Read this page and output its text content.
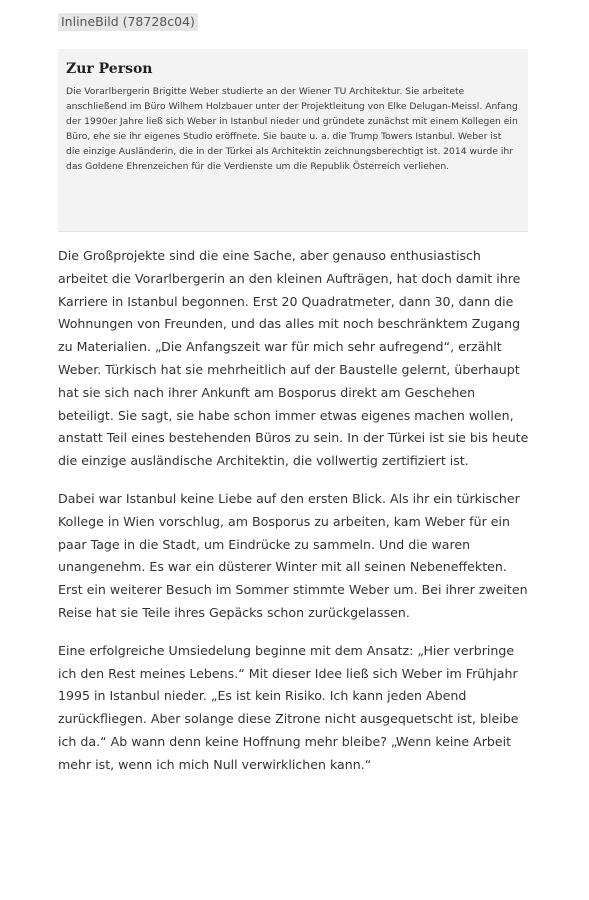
InlineBild (78728c04)
Zur Person

Die Vorarlbergerin Brigitte Weber studierte an der Wiener TU Architektur. Sie arbeitete anschließend im Büro Wilhem Holzbauer unter der Projektleitung von Elke Delugan-Meissl. Anfang der 1990er Jahre ließ sich Weber in Istanbul nieder und gründete zunächst mit einem Kollegen ein Büro, ehe sie ihr eigenes Studio eröffnete. Sie baute u. a. die Trump Towers Istanbul. Weber ist die einzige Ausländerin, die in der Türkei als Architektin zeichnungsberechtigt ist. 2014 wurde ihr das Goldene Ehrenzeichen für die Verdienste um die Republik Österreich verliehen.

Die Großprojekte sind die eine Sache, aber genauso enthusiastisch arbeitet die Vorarlbergerin an den kleinen Aufträgen, hat doch damit ihre Karriere in Istanbul begonnen. Erst 20 Quadratmeter, dann 30, dann die Wohnungen von Freunden, und das alles mit noch beschränktem Zugang zu Materialien. „Die Anfangszeit war für mich sehr aufregend“, erzählt Weber. Türkisch hat sie mehrheitlich auf der Baustelle gelernt, überhaupt hat sie sich nach ihrer Ankunft am Bosporus direkt am Geschehen beteiligt. Sie sagt, sie habe schon immer etwas eigenes machen wollen, anstatt Teil eines bestehenden Büros zu sein. In der Türkei ist sie bis heute die einzige ausländische Architektin, die vollwertig zertifiziert ist.

Dabei war Istanbul keine Liebe auf den ersten Blick. Als ihr ein türkischer Kollege in Wien vorschlug, am Bosporus zu arbeiten, kam Weber für ein paar Tage in die Stadt, um Eindrücke zu sammeln. Und die waren unangenehm. Es war ein düsterer Winter mit all seinen Nebeneffekten. Erst ein weiterer Besuch im Sommer stimmte Weber um. Bei ihrer zweiten Reise hat sie Teile ihres Gepäcks schon zurückgelassen.

Eine erfolgreiche Umsiedelung beginne mit dem Ansatz: „Hier verbringe ich den Rest meines Lebens.“ Mit dieser Idee ließ sich Weber im Frühjahr 1995 in Istanbul nieder. „Es ist kein Risiko. Ich kann jeden Abend zurückfliegen. Aber solange diese Zitrone nicht ausgequetscht ist, bleibe ich da.“ Ab wann denn keine Hoffnung mehr bleibe? „Wenn keine Arbeit mehr ist, wenn ich mich Null verwirklichen kann.“
